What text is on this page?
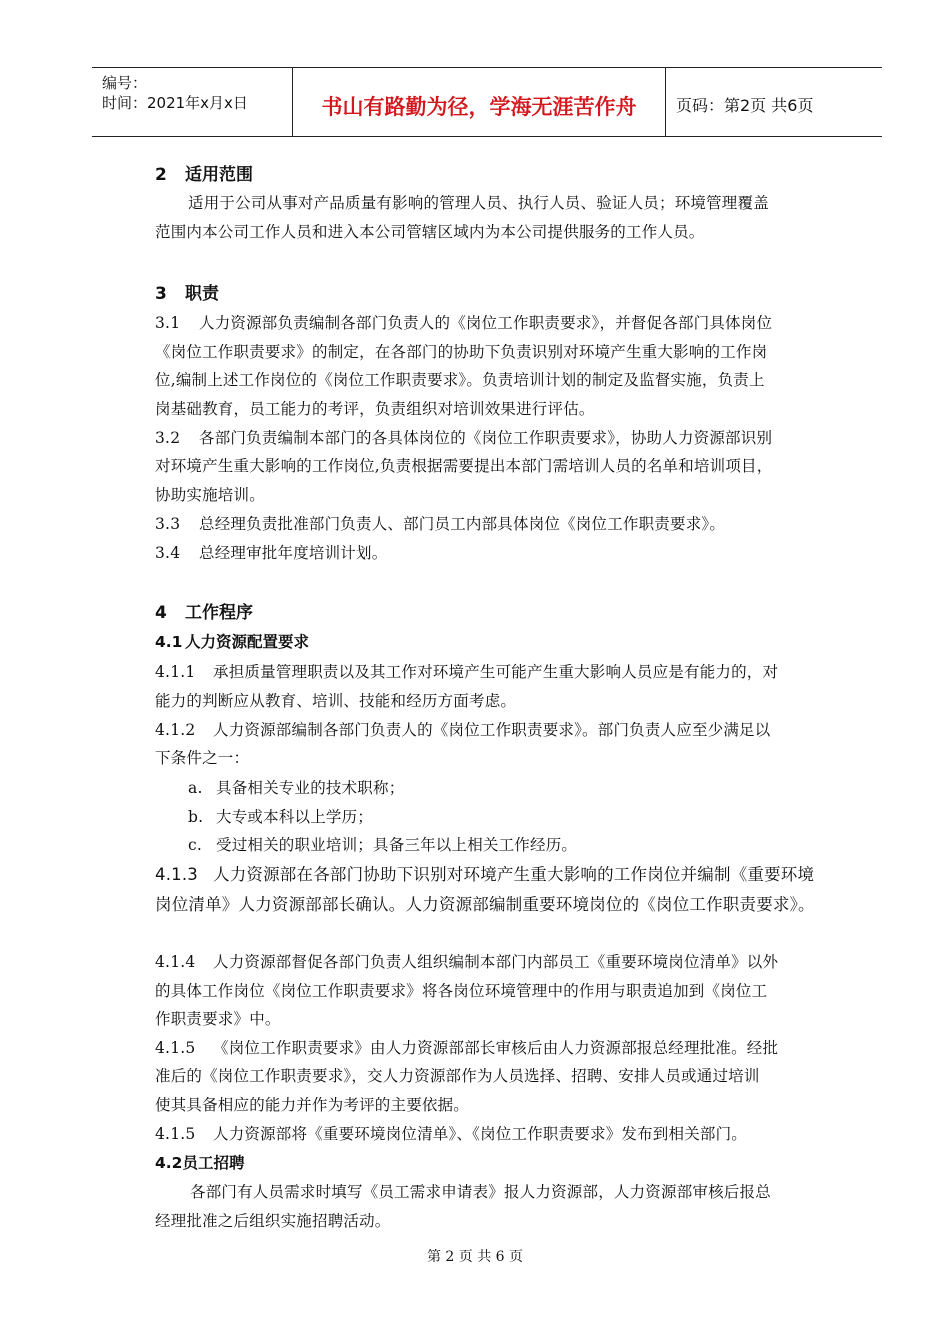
编号：
时间：2021年x月x日	书山有路勤为径，学海无涯苦作舟	页码：第2页 共6页
2 适用范围
适用于公司从事对产品质量有影响的管理人员、执行人员、验证人员；环境管理覆盖
范围内本公司工作人员和进入本公司管辖区域内为本公司提供服务的工作人员。
3 职责
3.1 人力资源部负责编制各部门负责人的《岗位工作职责要求》，并督促各部门具体岗位
《岗位工作职责要求》的制定，在各部门的协助下负责识别对环境产生重大影响的工作岗
位,编制上述工作岗位的《岗位工作职责要求》。负责培训计划的制定及监督实施，负责上
岗基础教育，员工能力的考评，负责组织对培训效果进行评估。
3.2 各部门负责编制本部门的各具体岗位的《岗位工作职责要求》，协助人力资源部识别
对环境产生重大影响的工作岗位,负责根据需要提出本部门需培训人员的名单和培训项目，
协助实施培训。
3.3 总经理负责批准部门负责人、部门员工内部具体岗位《岗位工作职责要求》。
3.4 总经理审批年度培训计划。
4 工作程序
4.1 人力资源配置要求
4.1.1 承担质量管理职责以及其工作对环境产生可能产生重大影响人员应是有能力的，对
能力的判断应从教育、培训、技能和经历方面考虑。
4.1.2 人力资源部编制各部门负责人的《岗位工作职责要求》。部门负责人应至少满足以
下条件之一：
a. 具备相关专业的技术职称；
b. 大专或本科以上学历；
c. 受过相关的职业培训；具备三年以上相关工作经历。
4.1.3 人力资源部在各部门协助下识别对环境产生重大影响的工作岗位并编制《重要环境
岗位清单》人力资源部部长确认。人力资源部编制重要环境岗位的《岗位工作职责要求》。
4.1.4 人力资源部督促各部门负责人组织编制本部门内部员工《重要环境岗位清单》以外
的具体工作岗位《岗位工作职责要求》将各岗位环境管理中的作用与职责追加到《岗位工
作职责要求》中。
4.1.5 《岗位工作职责要求》由人力资源部部长审核后由人力资源部报总经理批准。经批
准后的《岗位工作职责要求》，交人力资源部作为人员选择、招聘、安排人员或通过培训
使其具备相应的能力并作为考评的主要依据。
4.1.5 人力资源部将《重要环境岗位清单》、《岗位工作职责要求》发布到相关部门。
4.2员工招聘
各部门有人员需求时填写《员工需求申请表》报人力资源部，人力资源部审核后报总
经理批准之后组织实施招聘活动。
第 2 页 共 6 页
